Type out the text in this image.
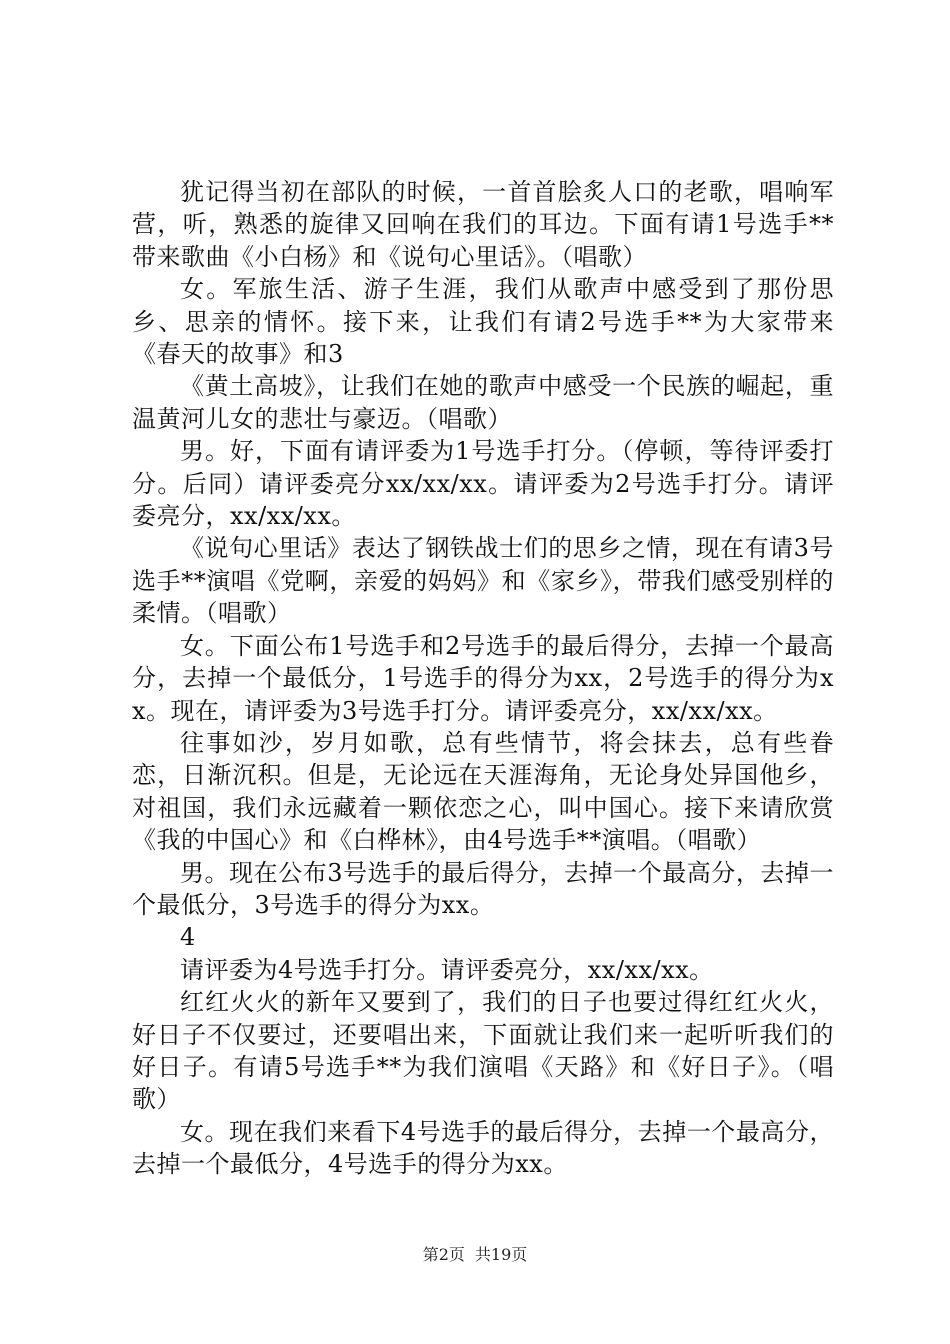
犹记得当初在部队的时候，一首首脍炙人口的老歌，唱响军营，听，熟悉的旋律又回响在我们的耳边。下面有请1号选手**带来歌曲《小白杨》和《说句心里话》。（唱歌）

女。军旅生活、游子生涯，我们从歌声中感受到了那份思乡、思亲的情怀。接下来，让我们有请2号选手**为大家带来《春天的故事》和3

《黄土高坡》，让我们在她的歌声中感受一个民族的崛起，重温黄河儿女的悲壮与豪迈。（唱歌）

男。好，下面有请评委为1号选手打分。（停顿，等待评委打分。后同）请评委亮分xx/xx/xx。请评委为2号选手打分。请评委亮分，xx/xx/xx。

《说句心里话》表达了钢铁战士们的思乡之情，现在有请3号选手**演唱《党啊，亲爱的妈妈》和《家乡》，带我们感受别样的柔情。（唱歌）

女。下面公布1号选手和2号选手的最后得分，去掉一个最高分，去掉一个最低分，1号选手的得分为xx，2号选手的得分为xx。现在，请评委为3号选手打分。请评委亮分，xx/xx/xx。

往事如沙，岁月如歌，总有些情节，将会抹去，总有些眷恋，日渐沉积。但是，无论远在天涯海角，无论身处异国他乡，对祖国，我们永远藏着一颗依恋之心，叫中国心。接下来请欣赏《我的中国心》和《白桦林》，由4号选手**演唱。（唱歌）

男。现在公布3号选手的最后得分，去掉一个最高分，去掉一个最低分，3号选手的得分为xx。

4

请评委为4号选手打分。请评委亮分，xx/xx/xx。

红红火火的新年又要到了，我们的日子也要过得红红火火，好日子不仅要过，还要唱出来，下面就让我们来一起听听我们的好日子。有请5号选手**为我们演唱《天路》和《好日子》。（唱歌）

女。现在我们来看下4号选手的最后得分，去掉一个最高分，去掉一个最低分，4号选手的得分为xx。

第2页 共19页
